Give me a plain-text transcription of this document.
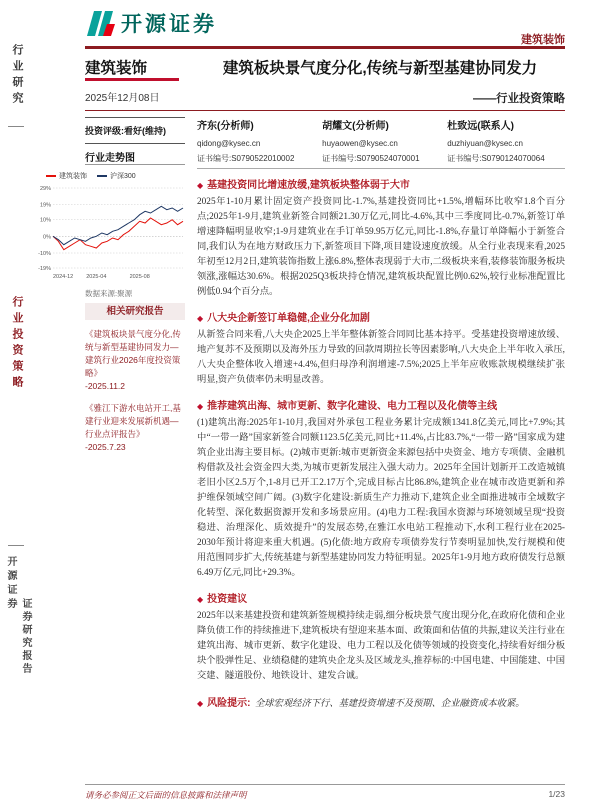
行业研究
行业投资策略
开源证券
证券研究报告
开源证券
建筑装饰
建筑装饰
2025年12月08日
建筑板块景气度分化,传统与新型基建协同发力
——行业投资策略
投资评级:看好(维持)
行业走势图
建筑装饰	沪深300
29%
19%
10%
0%
-10%
-19%
2024-12 2025-04	2025-08
数据来源:聚源
相关研究报告
《建筑板块景气度分化,传统与新型基建协同发力—建筑行业2026年度投资策略》
-2025.11.2
《雅江下游水电站开工,基建行业迎来发展新机遇—行业点评报告》
-2025.7.23
齐东(分析师)
qidong@kysec.cn
证书编号:S0790522010002
胡耀文(分析师)
huyaowen@kysec.cn
证书编号:S0790524070001
杜致远(联系人)
duzhiyuan@kysec.cn
证书编号:S0790124070064
◆ 基建投资同比增速放缓,建筑板块整体弱于大市
2025年1-10月累计固定资产投资同比-1.7%,基建投资同比+1.5%,增幅环比收窄1.8个百分点;2025年1-9月,建筑业新签合同额21.30万亿元,同比-4.6%,其中三季度同比-0.7%,新签订单增速降幅明显收窄;1-9月建筑业在手订单59.95万亿元,同比-1.8%,存量订单降幅小于新签合同,我们认为在地方财政压力下,新签项目下降,项目建设速度放缓。从全行业表现来看,2025年初至12月2日,建筑装饰指数上涨6.8%,整体表现弱于大市,二级板块来看,装修装饰服务板块领涨,涨幅达30.6%。根据2025Q3板块持仓情况,建筑板块配置比例0.62%,较行业标准配置比例低0.94个百分点。
◆ 八大央企新签订单稳健,企业分化加剧
从新签合同来看,八大央企2025上半年整体新签合同同比基本持平。受基建投资增速放缓、地产复苏不及预期以及海外压力导致的回款周期拉长等因素影响,八大央企上半年收入承压,八大央企整体收入增速+4.4%,但归母净利润增速-7.5%;2025上半年应收账款规模继续扩张明显,资产负债率仍未明显改善。
◆ 推荐建筑出海、城市更新、数字化建设、电力工程以及化债等主线
(1)建筑出海:2025年1-10月,我国对外承包工程业务累计完成额1341.8亿美元,同比+7.9%;其中“一带一路”国家新签合同额1123.5亿美元,同比+11.4%,占比83.7%,“一带一路”国家成为建筑企业出海主要目标。(2)城市更新:城市更新资金来源包括中央资金、地方专项债、金融机构借款及社会资金四大类,为城市更新发展注入强大动力。2025年全国计划新开工改造城镇老旧小区2.5万个,1-8月已开工2.17万个,完成目标占比86.8%,建筑企业在城市改造更新和养护维保领域空间广阔。(3)数字化建设:新质生产力推动下,建筑企业全面推进城市全域数字化转型、深化数据资源开发和多场景应用。(4)电力工程:我国水资源与环境领域呈现“投资稳进、治理深化、质效提升”的发展态势,在雅江水电站工程推动下,水利工程行业在2025-2030年预计将迎来重大机遇。(5)化债:地方政府专项债券发行节奏明显加快,发行规模和使用范围同步扩大,传统基建与新型基建协同发力特征明显。2025年1-9月地方政府债发行总额6.49万亿元,同比+29.3%。
◆ 投资建议
2025年以来基建投资和建筑新签规模持续走弱,细分板块景气度出现分化,在政府化债和企业降负债工作的持续推进下,建筑板块有望迎来基本面、政策面和估值的共振,建议关注行业在建筑出海、城市更新、数字化建设、电力工程以及化债等领域的投资变化,持续看好细分板块个股弹性足、业绩稳健的建筑央企龙头及区域龙头,推荐标的:中国电建、中国能建、中国交建、隧道股份、地铁设计、建发合诚。
◆ 风险提示: 全球宏观经济下行、基建投资增速不及预期、企业融资成本收紧。
请务必参阅正文后面的信息披露和法律声明	1/23
